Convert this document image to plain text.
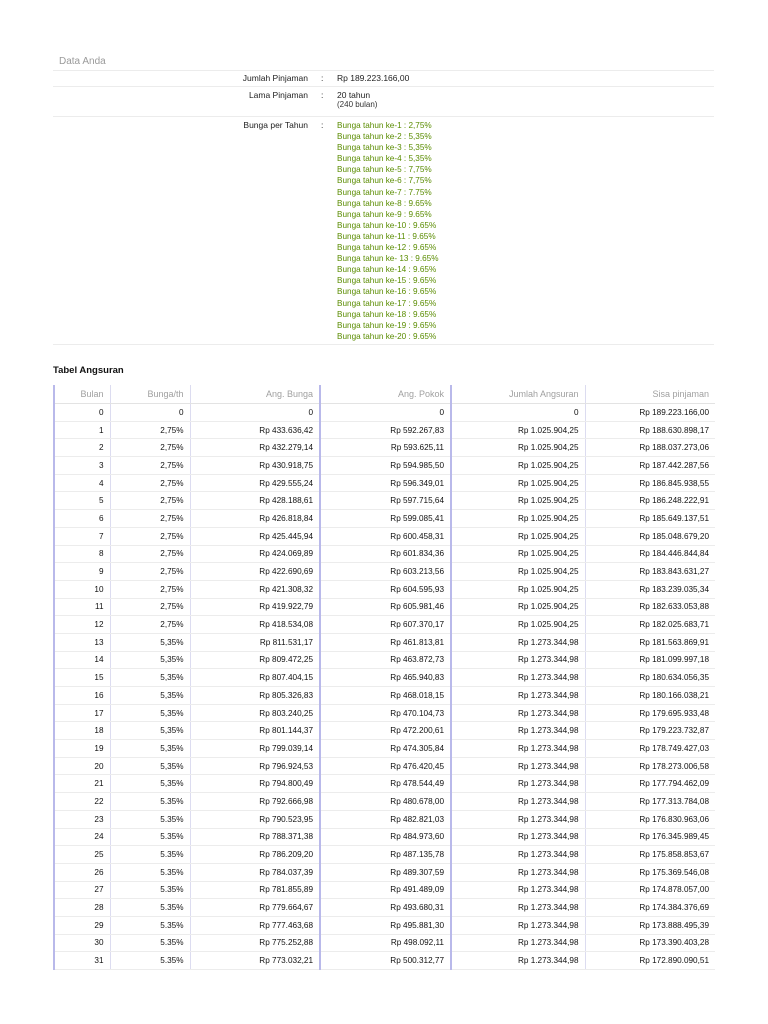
Data Anda
Jumlah Pinjaman : Rp 189.223.166,00
Lama Pinjaman : 20 tahun
(240 bulan)
Bunga per Tahun : Bunga tahun ke-1 : 2,75%
Bunga tahun ke-2 : 5,35%
Bunga tahun ke-3 : 5,35%
Bunga tahun ke-4 : 5,35%
Bunga tahun ke-5 : 7,75%
Bunga tahun ke-6 : 7,75%
Bunga tahun ke-7 : 7.75%
Bunga tahun ke-8 : 9.65%
Bunga tahun ke-9 : 9.65%
Bunga tahun ke-10 : 9.65%
Bunga tahun ke-11 : 9.65%
Bunga tahun ke-12 : 9.65%
Bunga tahun ke- 13 : 9.65%
Bunga tahun ke-14 : 9.65%
Bunga tahun ke-15 : 9.65%
Bunga tahun ke-16 : 9.65%
Bunga tahun ke-17 : 9.65%
Bunga tahun ke-18 : 9.65%
Bunga tahun ke-19 : 9.65%
Bunga tahun ke-20 : 9.65%
Tabel Angsuran
Bulan	Bunga/th	Ang. Bunga	Ang. Pokok	Jumlah Angsuran	Sisa pinjaman
0	0	0	0	0	Rp 189.223.166,00
1	2,75%	Rp 433.636,42	Rp 592.267,83	Rp 1.025.904,25	Rp 188.630.898,17
2	2,75%	Rp 432.279,14	Rp 593.625,11	Rp 1.025.904,25	Rp 188.037.273,06
3	2,75%	Rp 430.918,75	Rp 594.985,50	Rp 1.025.904,25	Rp 187.442.287,56
4	2,75%	Rp 429.555,24	Rp 596.349,01	Rp 1.025.904,25	Rp 186.845.938,55
5	2,75%	Rp 428.188,61	Rp 597.715,64	Rp 1.025.904,25	Rp 186.248.222,91
6	2,75%	Rp 426.818,84	Rp 599.085,41	Rp 1.025.904,25	Rp 185.649.137,51
7	2,75%	Rp 425.445,94	Rp 600.458,31	Rp 1.025.904,25	Rp 185.048.679,20
8	2,75%	Rp 424.069,89	Rp 601.834,36	Rp 1.025.904,25	Rp 184.446.844,84
9	2,75%	Rp 422.690,69	Rp 603.213,56	Rp 1.025.904,25	Rp 183.843.631,27
10	2,75%	Rp 421.308,32	Rp 604.595,93	Rp 1.025.904,25	Rp 183.239.035,34
11	2,75%	Rp 419.922,79	Rp 605.981,46	Rp 1.025.904,25	Rp 182.633.053,88
12	2,75%	Rp 418.534,08	Rp 607.370,17	Rp 1.025.904,25	Rp 182.025.683,71
13	5,35%	Rp 811.531,17	Rp 461.813,81	Rp 1.273.344,98	Rp 181.563.869,91
14	5,35%	Rp 809.472,25	Rp 463.872,73	Rp 1.273.344,98	Rp 181.099.997,18
15	5,35%	Rp 807.404,15	Rp 465.940,83	Rp 1.273.344,98	Rp 180.634.056,35
16	5,35%	Rp 805.326,83	Rp 468.018,15	Rp 1.273.344,98	Rp 180.166.038,21
17	5,35%	Rp 803.240,25	Rp 470.104,73	Rp 1.273.344,98	Rp 179.695.933,48
18	5,35%	Rp 801.144,37	Rp 472.200,61	Rp 1.273.344,98	Rp 179.223.732,87
19	5,35%	Rp 799.039,14	Rp 474.305,84	Rp 1.273.344,98	Rp 178.749.427,03
20	5,35%	Rp 796.924,53	Rp 476.420,45	Rp 1.273.344,98	Rp 178.273.006,58
21	5,35%	Rp 794.800,49	Rp 478.544,49	Rp 1.273.344,98	Rp 177.794.462,09
22	5.35%	Rp 792.666,98	Rp 480.678,00	Rp 1.273.344,98	Rp 177.313.784,08
23	5.35%	Rp 790.523,95	Rp 482.821,03	Rp 1.273.344,98	Rp 176.830.963,06
24	5.35%	Rp 788.371,38	Rp 484.973,60	Rp 1.273.344,98	Rp 176.345.989,45
25	5.35%	Rp 786.209,20	Rp 487.135,78	Rp 1.273.344,98	Rp 175.858.853,67
26	5.35%	Rp 784.037,39	Rp 489.307,59	Rp 1.273.344,98	Rp 175.369.546,08
27	5.35%	Rp 781.855,89	Rp 491.489,09	Rp 1.273.344,98	Rp 174.878.057,00
28	5.35%	Rp 779.664,67	Rp 493.680,31	Rp 1.273.344,98	Rp 174.384.376,69
29	5.35%	Rp 777.463,68	Rp 495.881,30	Rp 1.273.344,98	Rp 173.888.495,39
30	5.35%	Rp 775.252,88	Rp 498.092,11	Rp 1.273.344,98	Rp 173.390.403,28
31	5.35%	Rp 773.032,21	Rp 500.312,77	Rp 1.273.344,98	Rp 172.890.090,51
